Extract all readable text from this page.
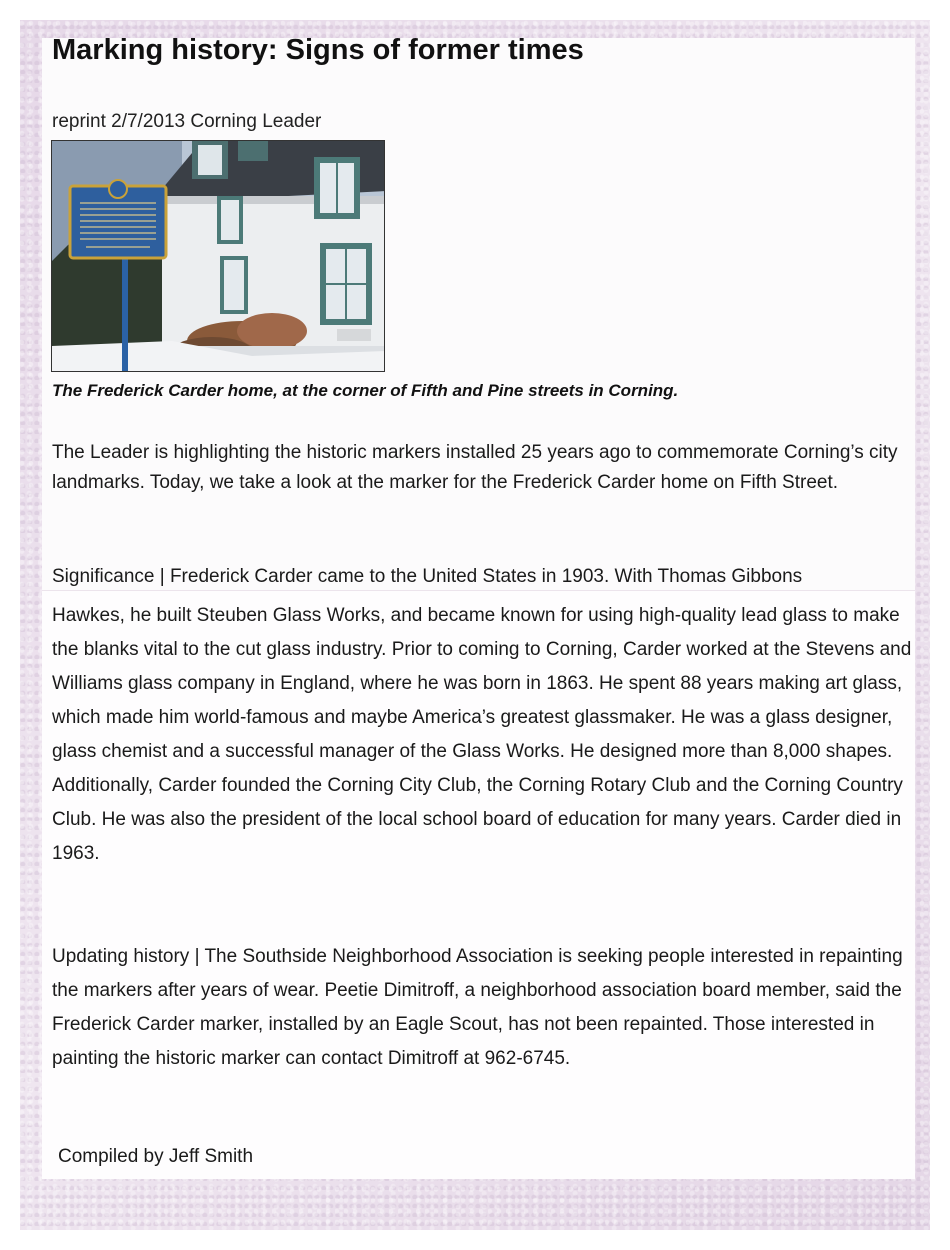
Marking history: Signs of former times
reprint 2/7/2013 Corning Leader
The Frederick Carder home, at the corner of Fifth and Pine streets in Corning.

The Leader is highlighting the historic markers installed 25 years ago to commemorate Corning’s city landmarks. Today, we take a look at the marker for the Frederick Carder home on Fifth Street.

Significance | Frederick Carder came to the United States in 1903. With Thomas Gibbons

Hawkes, he built Steuben Glass Works, and became known for using high-quality lead glass to make the blanks vital to the cut glass industry. Prior to coming to Corning, Carder worked at the Stevens and Williams glass company in England, where he was born in 1863. He spent 88 years making art glass, which made him world-famous and maybe America’s greatest glassmaker. He was a glass designer, glass chemist and a successful manager of the Glass Works. He designed more than 8,000 shapes. Additionally, Carder founded the Corning City Club, the Corning Rotary Club and the Corning Country Club. He was also the president of the local school board of education for many years. Carder died in 1963.

Updating history | The Southside Neighborhood Association is seeking people interested in repainting the markers after years of wear. Peetie Dimitroff, a neighborhood association board member, said the Frederick Carder marker, installed by an Eagle Scout, has not been repainted. Those interested in painting the historic marker can contact Dimitroff at 962-6745.

Compiled by Jeff Smith
